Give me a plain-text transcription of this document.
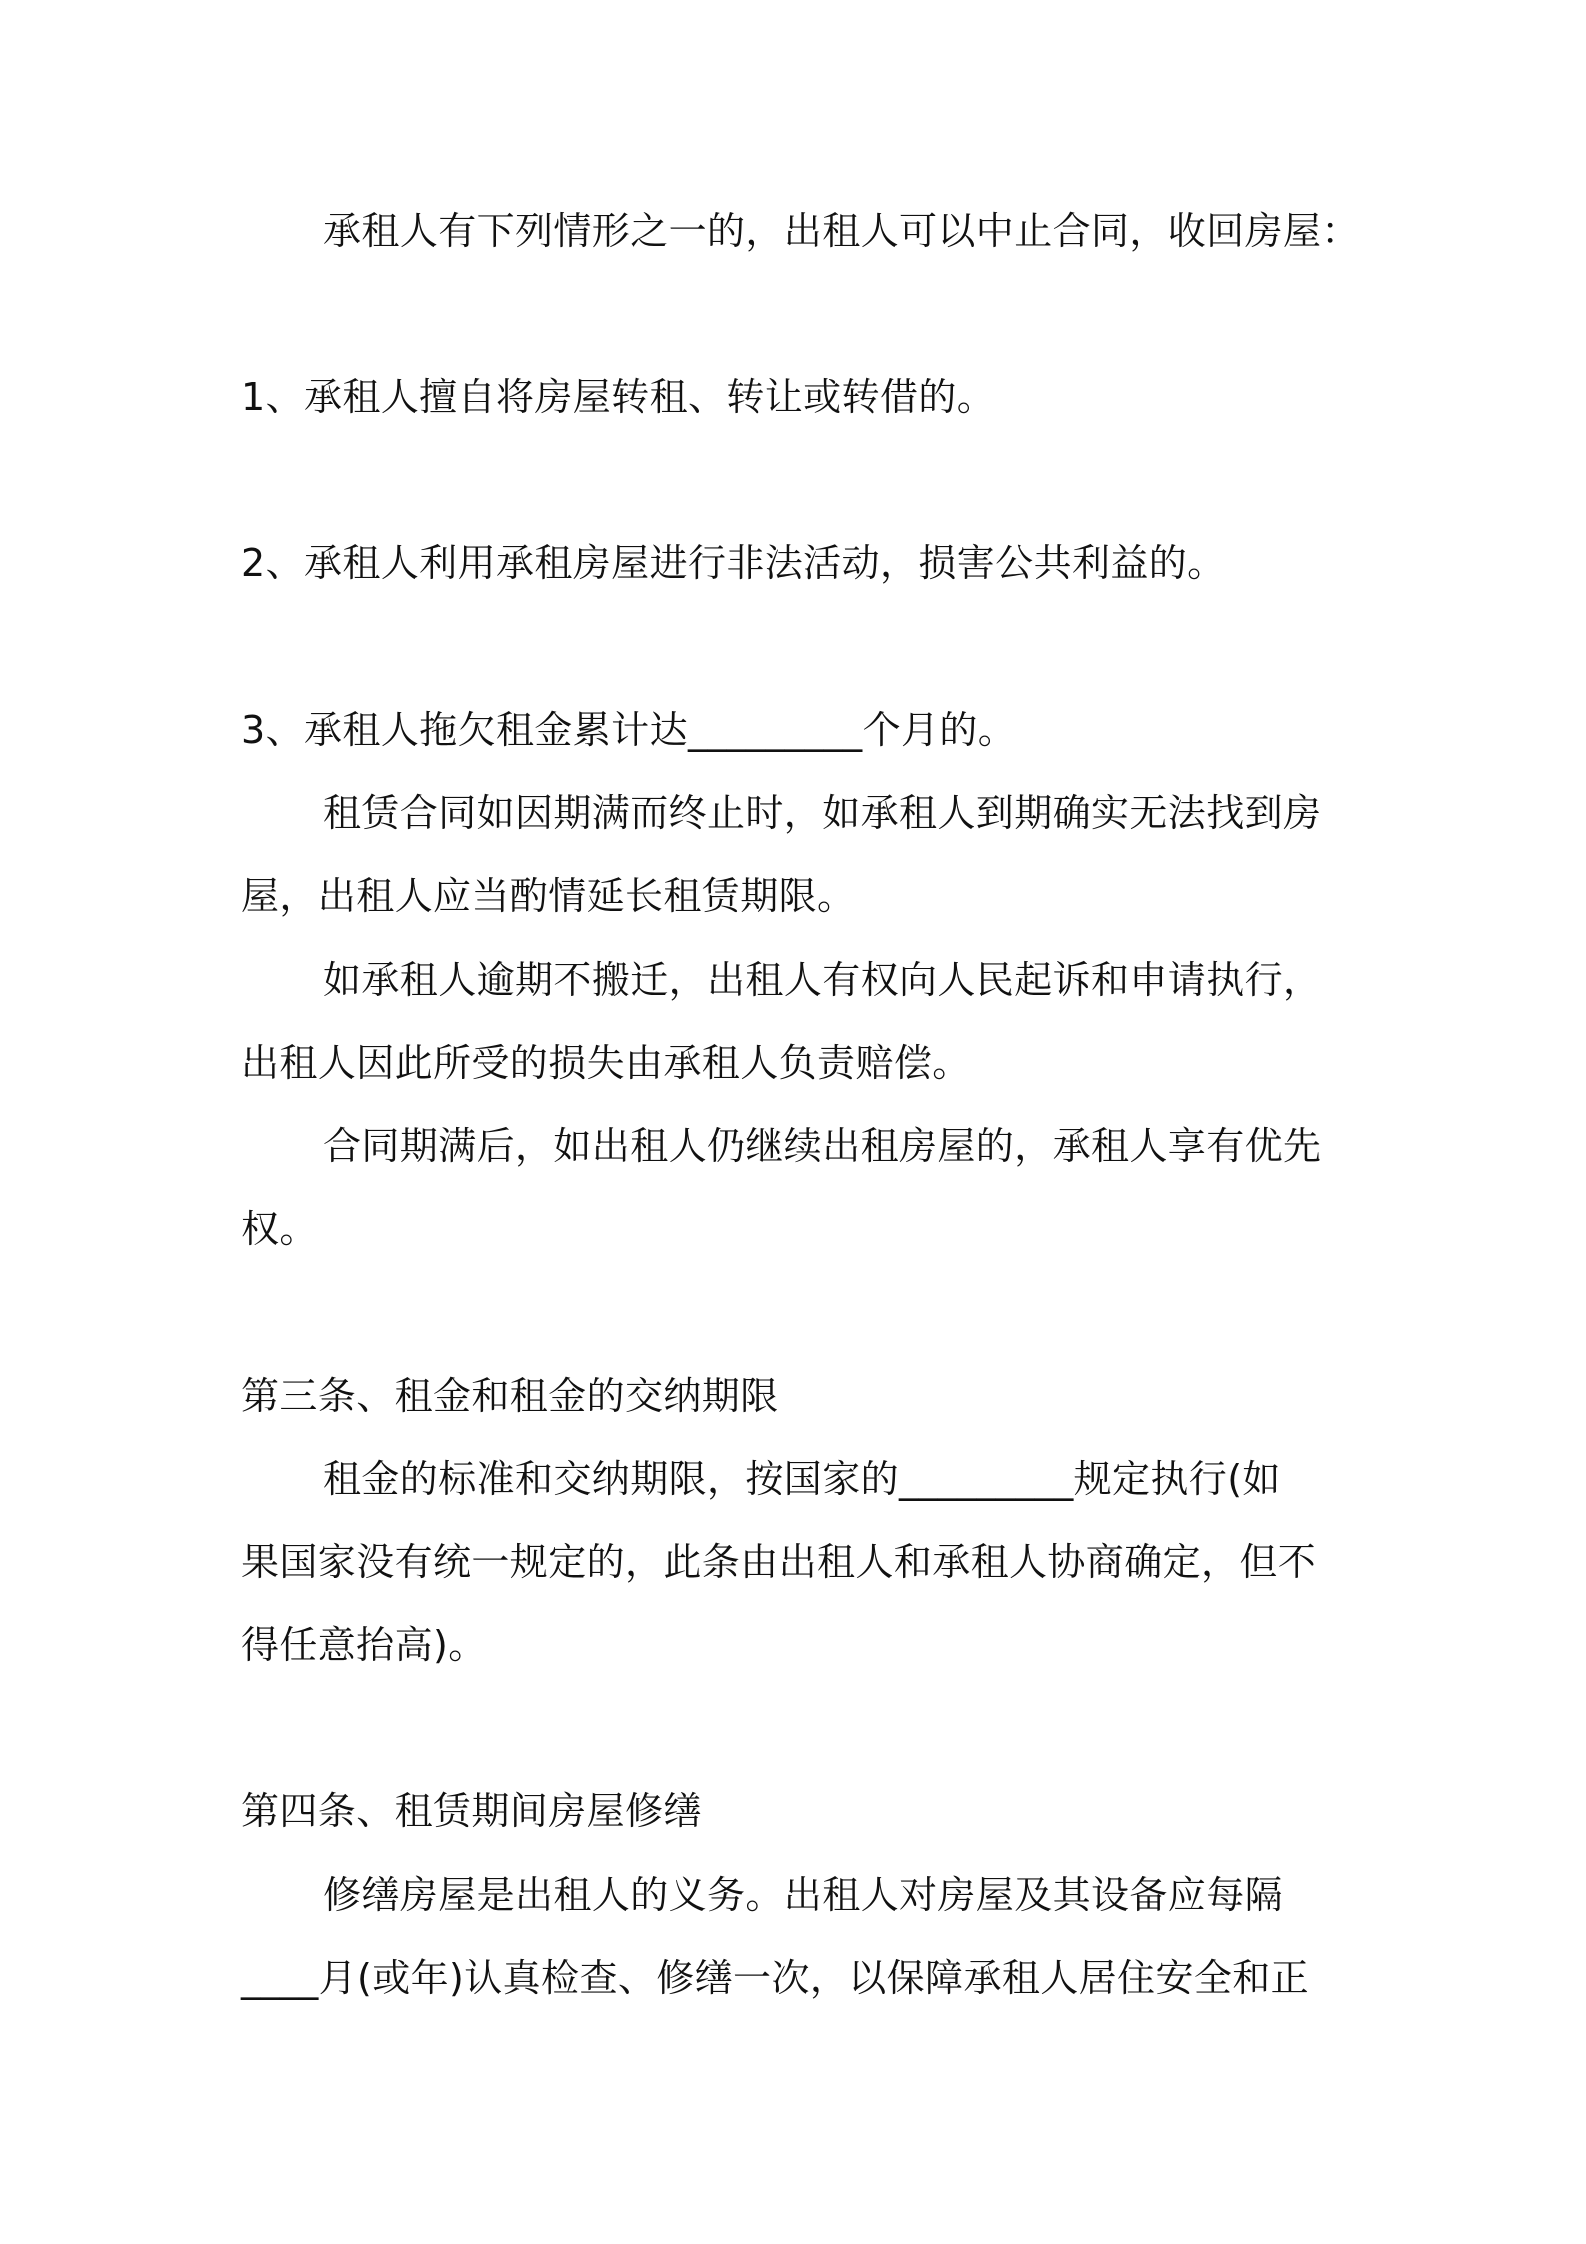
承租人有下列情形之一的，出租人可以中止合同，收回房屋：
1、承租人擅自将房屋转租、转让或转借的。
2、承租人利用承租房屋进行非法活动，损害公共利益的。
3、承租人拖欠租金累计达_________个月的。
租赁合同如因期满而终止时，如承租人到期确实无法找到房
屋，出租人应当酌情延长租赁期限。
如承租人逾期不搬迁，出租人有权向人民起诉和申请执行，
出租人因此所受的损失由承租人负责赔偿。
合同期满后，如出租人仍继续出租房屋的，承租人享有优先
权。
第三条、租金和租金的交纳期限
租金的标准和交纳期限，按国家的_________规定执行(如
果国家没有统一规定的，此条由出租人和承租人协商确定，但不
得任意抬高)。
第四条、租赁期间房屋修缮
修缮房屋是出租人的义务。出租人对房屋及其设备应每隔
____月(或年)认真检查、修缮一次，以保障承租人居住安全和正
